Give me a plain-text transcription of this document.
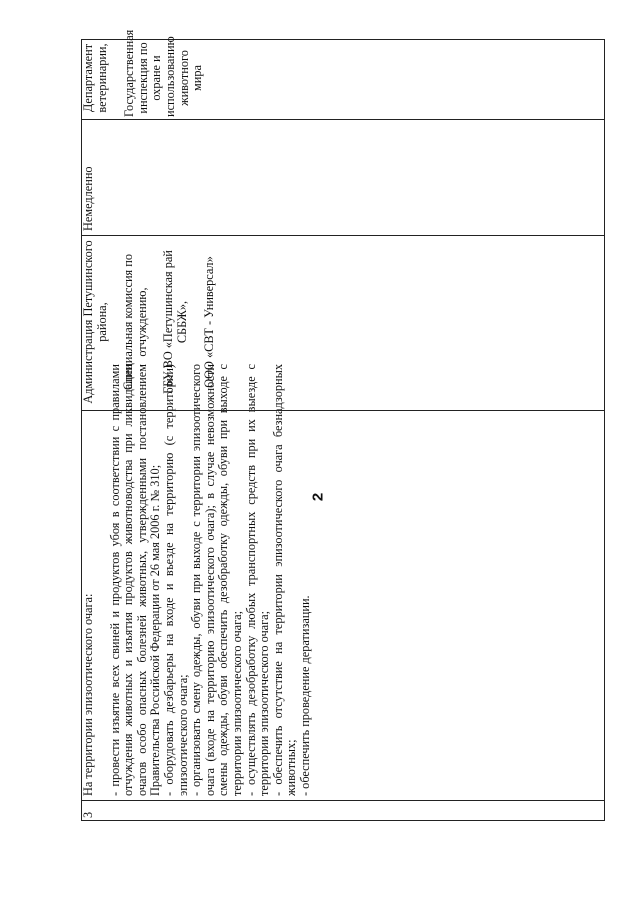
2
3
На территории эпизоотического очага: - провести изъятие всех свиней и продуктов убоя в соответствии с правилами отчуждения животных и изъятия продуктов животноводства при ликвидации очагов особо опасных болезней животных, утвержденными постановлением Правительства Российской Федерации от 26 мая 2006 г. № 310; - оборудовать дезбарьеры на входе и въезде на территорию (с территории) эпизоотического очага; - организовать смену одежды, обуви при выходе с территории эпизоотического очага (входе на территорию эпизоотического очага); в случае невозможности смены одежды, обуви обеспечить дезобработку одежды, обуви при выходе с территории эпизоотического очага; - осуществлять дезобработку любых транспортных средств при их выезде с территории эпизоотического очага; - обеспечить отсутствие на территории эпизоотического очага безнадзорных животных; - обеспечить проведение дератизации.
Администрация Петушинского района, Специальная комиссия по отчуждению, ГБУ ВО «Петушинская рай СББЖ», ООО «СВТ - Универсал»
Немедленно
Департамент ветеринарии, Государственная инспекция по охране и использованию животного мира
